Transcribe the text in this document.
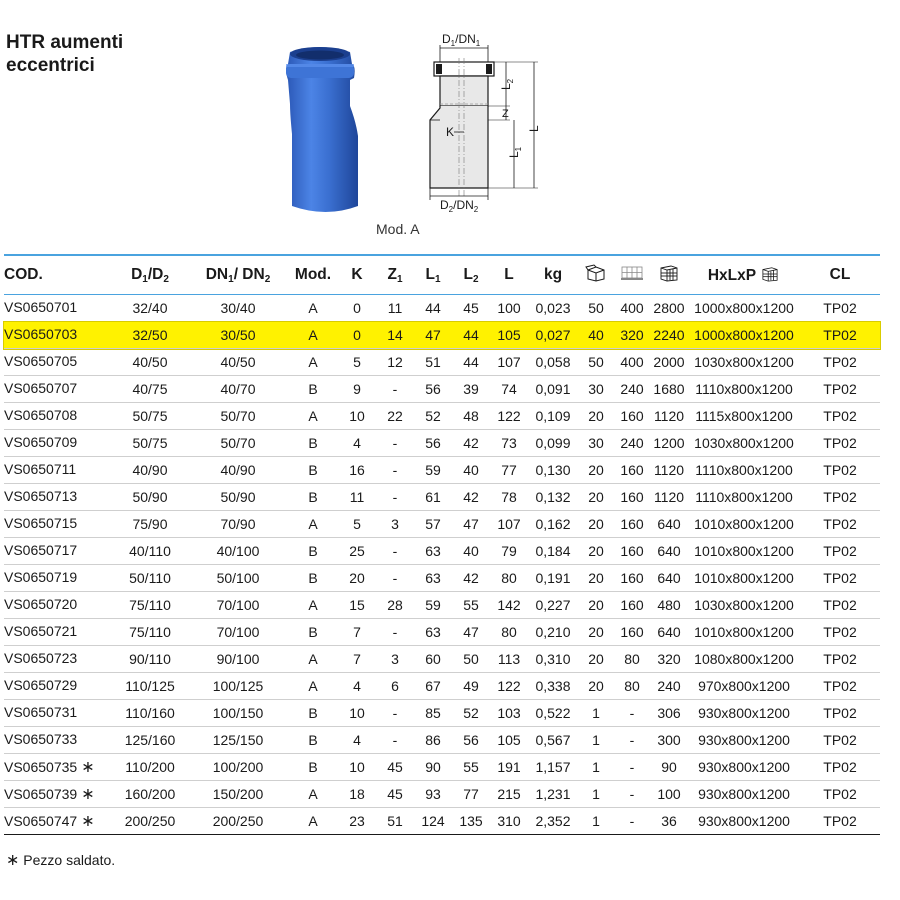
HTR aumenti
eccentrici
$D_1/DN_1$
K
$L_2$
Z
$L_1$
L
$D_2/DN_2$
Mod. A
COD.	$D_1/D_2$	$DN_1/$ $DN_2$	Mod.	K	$Z_1$	$L_1$	$L_2$	L	kg				HxLxP	CL
VS0650701	32/40	30/40	A	0	11	44	45	100	0,023	50	400	2800	1000x800x1200	TP02
VS0650703	32/50	30/50	A	0	14	47	44	105	0,027	40	320	2240	1000x800x1200	TP02
VS0650705	40/50	40/50	A	5	12	51	44	107	0,058	50	400	2000	1030x800x1200	TP02
VS0650707	40/75	40/70	B	9	-	56	39	74	0,091	30	240	1680	1110x800x1200	TP02
VS0650708	50/75	50/70	A	10	22	52	48	122	0,109	20	160	1120	1115x800x1200	TP02
VS0650709	50/75	50/70	B	4	-	56	42	73	0,099	30	240	1200	1030x800x1200	TP02
VS0650711	40/90	40/90	B	16	-	59	40	77	0,130	20	160	1120	1110x800x1200	TP02
VS0650713	50/90	50/90	B	11	-	61	42	78	0,132	20	160	1120	1110x800x1200	TP02
VS0650715	75/90	70/90	A	5	3	57	47	107	0,162	20	160	640	1010x800x1200	TP02
VS0650717	40/110	40/100	B	25	-	63	40	79	0,184	20	160	640	1010x800x1200	TP02
VS0650719	50/110	50/100	B	20	-	63	42	80	0,191	20	160	640	1010x800x1200	TP02
VS0650720	75/110	70/100	A	15	28	59	55	142	0,227	20	160	480	1030x800x1200	TP02
VS0650721	75/110	70/100	B	7	-	63	47	80	0,210	20	160	640	1010x800x1200	TP02
VS0650723	90/110	90/100	A	7	3	60	50	113	0,310	20	80	320	1080x800x1200	TP02
VS0650729	110/125	100/125	A	4	6	67	49	122	0,338	20	80	240	970x800x1200	TP02
VS0650731	110/160	100/150	B	10	-	85	52	103	0,522	1	-	306	930x800x1200	TP02
VS0650733	125/160	125/150	B	4	-	86	56	105	0,567	1	-	300	930x800x1200	TP02
VS0650735 ∗	110/200	100/200	B	10	45	90	55	191	1,157	1	-	90	930x800x1200	TP02
VS0650739 ∗	160/200	150/200	A	18	45	93	77	215	1,231	1	-	100	930x800x1200	TP02
VS0650747 ∗	200/250	200/250	A	23	51	124	135	310	2,352	1	-	36	930x800x1200	TP02
∗ Pezzo saldato.
